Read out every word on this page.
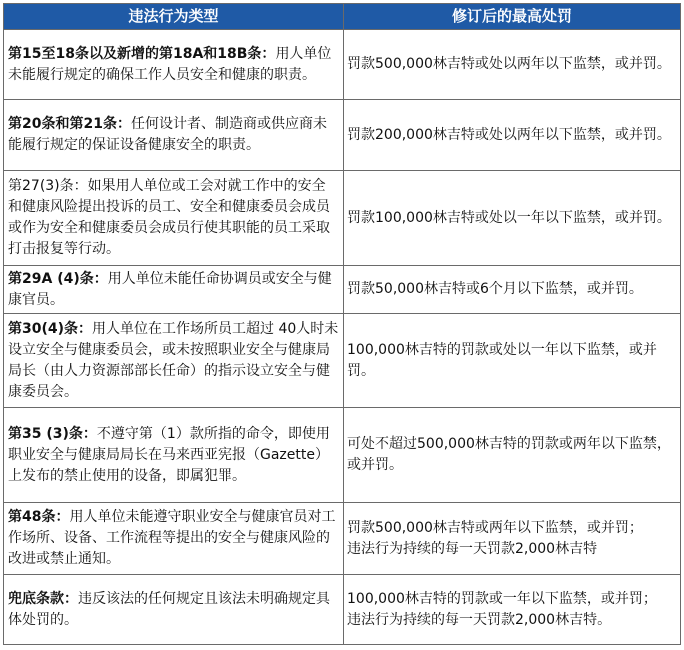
违法行为类型	修订后的最高处罚
第15至18条以及新增的第18A和18B条：用人单位未能履行规定的确保工作人员安全和健康的职责。	罚款500,000林吉特或处以两年以下监禁，或并罚。
第20条和第21条：任何设计者、制造商或供应商未能履行规定的保证设备健康安全的职责。	罚款200,000林吉特或处以两年以下监禁，或并罚。
第27(3)条：如果用人单位或工会对就工作中的安全和健康风险提出投诉的员工、安全和健康委员会成员或作为安全和健康委员会成员行使其职能的员工采取打击报复等行动。	罚款100,000林吉特或处以一年以下监禁，或并罚。
第29A (4)条：用人单位未能任命协调员或安全与健康官员。	罚款50,000林吉特或6个月以下监禁，或并罚。
第30(4)条：用人单位在工作场所员工超过 40人时未设立安全与健康委员会，或未按照职业安全与健康局局长（由人力资源部部长任命）的指示设立安全与健康委员会。	100,000林吉特的罚款或处以一年以下监禁，或并罚。
第35 (3)条：不遵守第（1）款所指的命令，即使用职业安全与健康局局长在马来西亚宪报（Gazette）上发布的禁止使用的设备，即属犯罪。	可处不超过500,000林吉特的罚款或两年以下监禁，或并罚。
第48条：用人单位未能遵守职业安全与健康官员对工作场所、设备、工作流程等提出的安全与健康风险的改进或禁止通知。	罚款500,000林吉特或两年以下监禁，或并罚；
违法行为持续的每一天罚款2,000林吉特

兜底条款：违反该法的任何规定且该法未明确规定具体处罚的。	100,000林吉特的罚款或一年以下监禁，或并罚；
违法行为持续的每一天罚款2,000林吉特。
